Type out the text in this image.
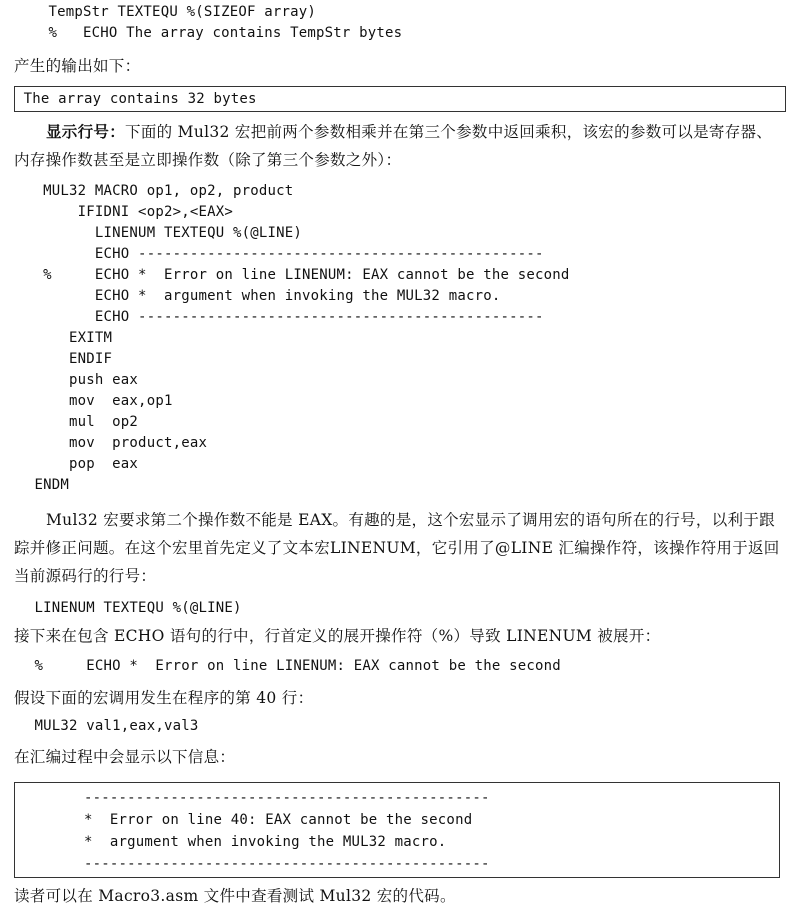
TempStr TEXTEQU %(SIZEOF array)
%   ECHO The array contains TempStr bytes

产生的输出如下：

The array contains 32 bytes

显示行号：下面的 Mul32 宏把前两个参数相乘并在第三个参数中返回乘积，该宏的参数可以是寄存器、内存操作数甚至是立即操作数（除了第三个参数之外）：

MUL32 MACRO op1, op2, product
IFIDNI <op2>,<EAX>
LINENUM TEXTEQU %(@LINE)
ECHO -----------------------------------------------
%     ECHO *  Error on line LINENUM: EAX cannot be the second
ECHO *  argument when invoking the MUL32 macro.
ECHO -----------------------------------------------
EXITM
ENDIF
push eax
mov  eax,op1
mul  op2
mov  product,eax
pop  eax
ENDM

Mul32 宏要求第二个操作数不能是 EAX。有趣的是，这个宏显示了调用宏的语句所在的行号，以利于跟踪并修正问题。在这个宏里首先定义了文本宏LINENUM，它引用了@LINE 汇编操作符，该操作符用于返回当前源码行的行号：

LINENUM TEXTEQU %(@LINE)

接下来在包含 ECHO 语句的行中，行首定义的展开操作符（%）导致 LINENUM 被展开：

%     ECHO *  Error on line LINENUM: EAX cannot be the second

假设下面的宏调用发生在程序的第 40 行：

MUL32 val1,eax,val3

在汇编过程中会显示以下信息：

-----------------------------------------------
*  Error on line 40: EAX cannot be the second
*  argument when invoking the MUL32 macro.
-----------------------------------------------

读者可以在 Macro3.asm 文件中查看测试 Mul32 宏的代码。
